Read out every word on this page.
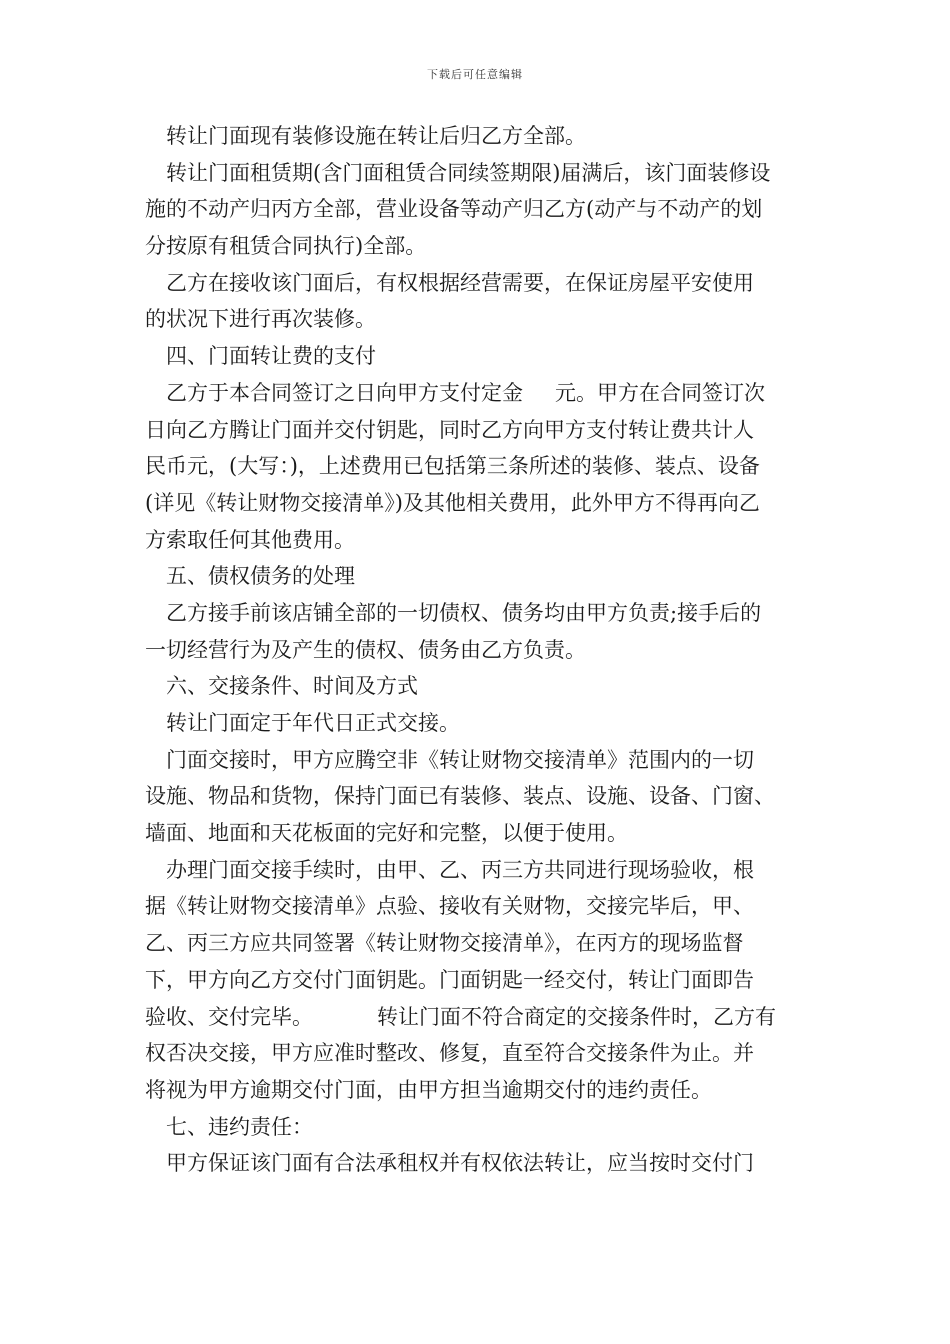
下载后可任意编辑
转让门面现有装修设施在转让后归乙方全部。
转让门面租赁期(含门面租赁合同续签期限)届满后，该门面装修设
施的不动产归丙方全部，营业设备等动产归乙方(动产与不动产的划
分按原有租赁合同执行)全部。
乙方在接收该门面后，有权根据经营需要，在保证房屋平安使用
的状况下进行再次装修。
四、门面转让费的支付
乙方于本合同签订之日向甲方支付定金 元。甲方在合同签订次
日向乙方腾让门面并交付钥匙，同时乙方向甲方支付转让费共计人
民币元，(大写：)，上述费用已包括第三条所述的装修、装点、设备
(详见《转让财物交接清单》)及其他相关费用，此外甲方不得再向乙
方索取任何其他费用。
五、债权债务的处理
乙方接手前该店铺全部的一切债权、债务均由甲方负责;接手后的
一切经营行为及产生的债权、债务由乙方负责。
六、交接条件、时间及方式
转让门面定于年代日正式交接。
门面交接时，甲方应腾空非《转让财物交接清单》范围内的一切
设施、物品和货物，保持门面已有装修、装点、设施、设备、门窗、
墙面、地面和天花板面的完好和完整，以便于使用。
办理门面交接手续时，由甲、乙、丙三方共同进行现场验收，根
据《转让财物交接清单》点验、接收有关财物，交接完毕后，甲、
乙、丙三方应共同签署《转让财物交接清单》，在丙方的现场监督
下，甲方向乙方交付门面钥匙。门面钥匙一经交付，转让门面即告
验收、交付完毕。	转让门面不符合商定的交接条件时，乙方有
权否决交接，甲方应准时整改、修复，直至符合交接条件为止。并
将视为甲方逾期交付门面，由甲方担当逾期交付的违约责任。
七、违约责任：
甲方保证该门面有合法承租权并有权依法转让，应当按时交付门
